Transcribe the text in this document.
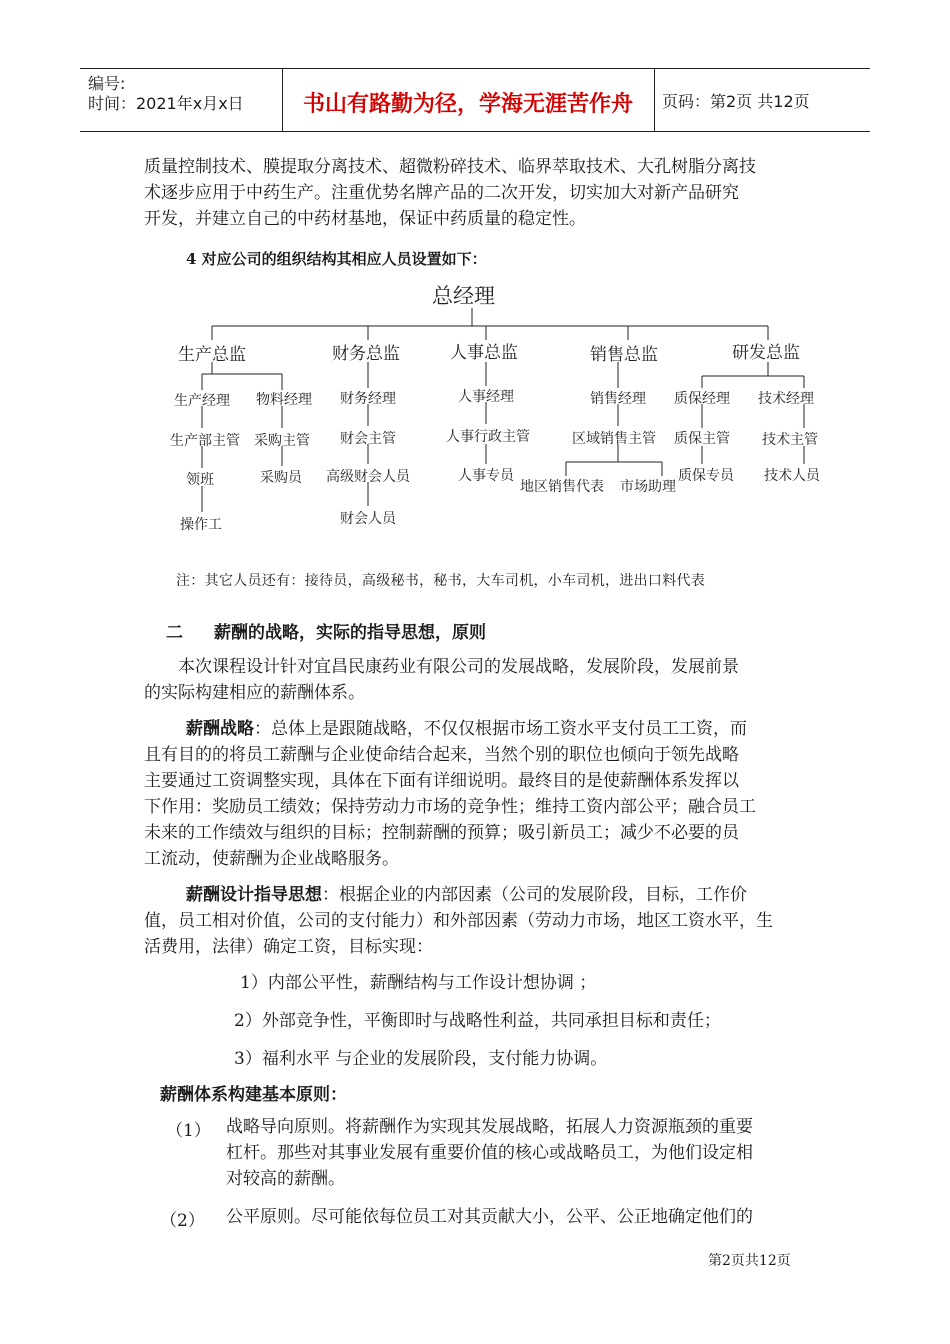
编号:
时间：2021年x月x日	书山有路勤为径，学海无涯苦作舟	页码：第2页 共12页
质量控制技术、膜提取分离技术、超微粉碎技术、临界萃取技术、大孔树脂分离技
术逐步应用于中药生产。注重优势名牌产品的二次开发，切实加大对新产品研究
开发，并建立自己的中药材基地，保证中药质量的稳定性。
4 对应公司的组织结构其相应人员设置如下：
总经理
生产总监	财务总监	人事总监	销售总监	研发总监
生产经理
生产部主管
领班
操作工
物料经理
采购主管
采购员
财务经理
财会主管
高级财会人员
财会人员
人事经理
人事行政主管
人事专员
销售经理
区域销售主管
地区销售代表 市场助理
质保经理
质保主管
质保专员
技术经理
技术主管
技术人员
注：其它人员还有：接待员，高级秘书，秘书，大车司机，小车司机，进出口料代表
二 薪酬的战略，实际的指导思想，原则
本次课程设计针对宜昌民康药业有限公司的发展战略，发展阶段，发展前景
的实际构建相应的薪酬体系。
薪酬战略：总体上是跟随战略，不仅仅根据市场工资水平支付员工工资，而
且有目的的将员工薪酬与企业使命结合起来，当然个别的职位也倾向于领先战略
主要通过工资调整实现，具体在下面有详细说明。最终目的是使薪酬体系发挥以
下作用：奖励员工绩效；保持劳动力市场的竞争性；维持工资内部公平；融合员工
未来的工作绩效与组织的目标；控制薪酬的预算；吸引新员工；减少不必要的员
工流动，使薪酬为企业战略服务。
薪酬设计指导思想：根据企业的内部因素（公司的发展阶段，目标，工作价
值，员工相对价值，公司的支付能力）和外部因素（劳动力市场，地区工资水平，生
活费用，法律）确定工资，目标实现：
1）内部公平性，薪酬结构与工作设计想协调 ；
2）外部竞争性，平衡即时与战略性利益，共同承担目标和责任；
3）福利水平 与企业的发展阶段，支付能力协调。
薪酬体系构建基本原则：
（1） 战略导向原则。将薪酬作为实现其发展战略，拓展人力资源瓶颈的重要
杠杆。那些对其事业发展有重要价值的核心或战略员工，为他们设定相
对较高的薪酬。
（2） 公平原则。尽可能依每位员工对其贡献大小，公平、公正地确定他们的
第2页共12页
